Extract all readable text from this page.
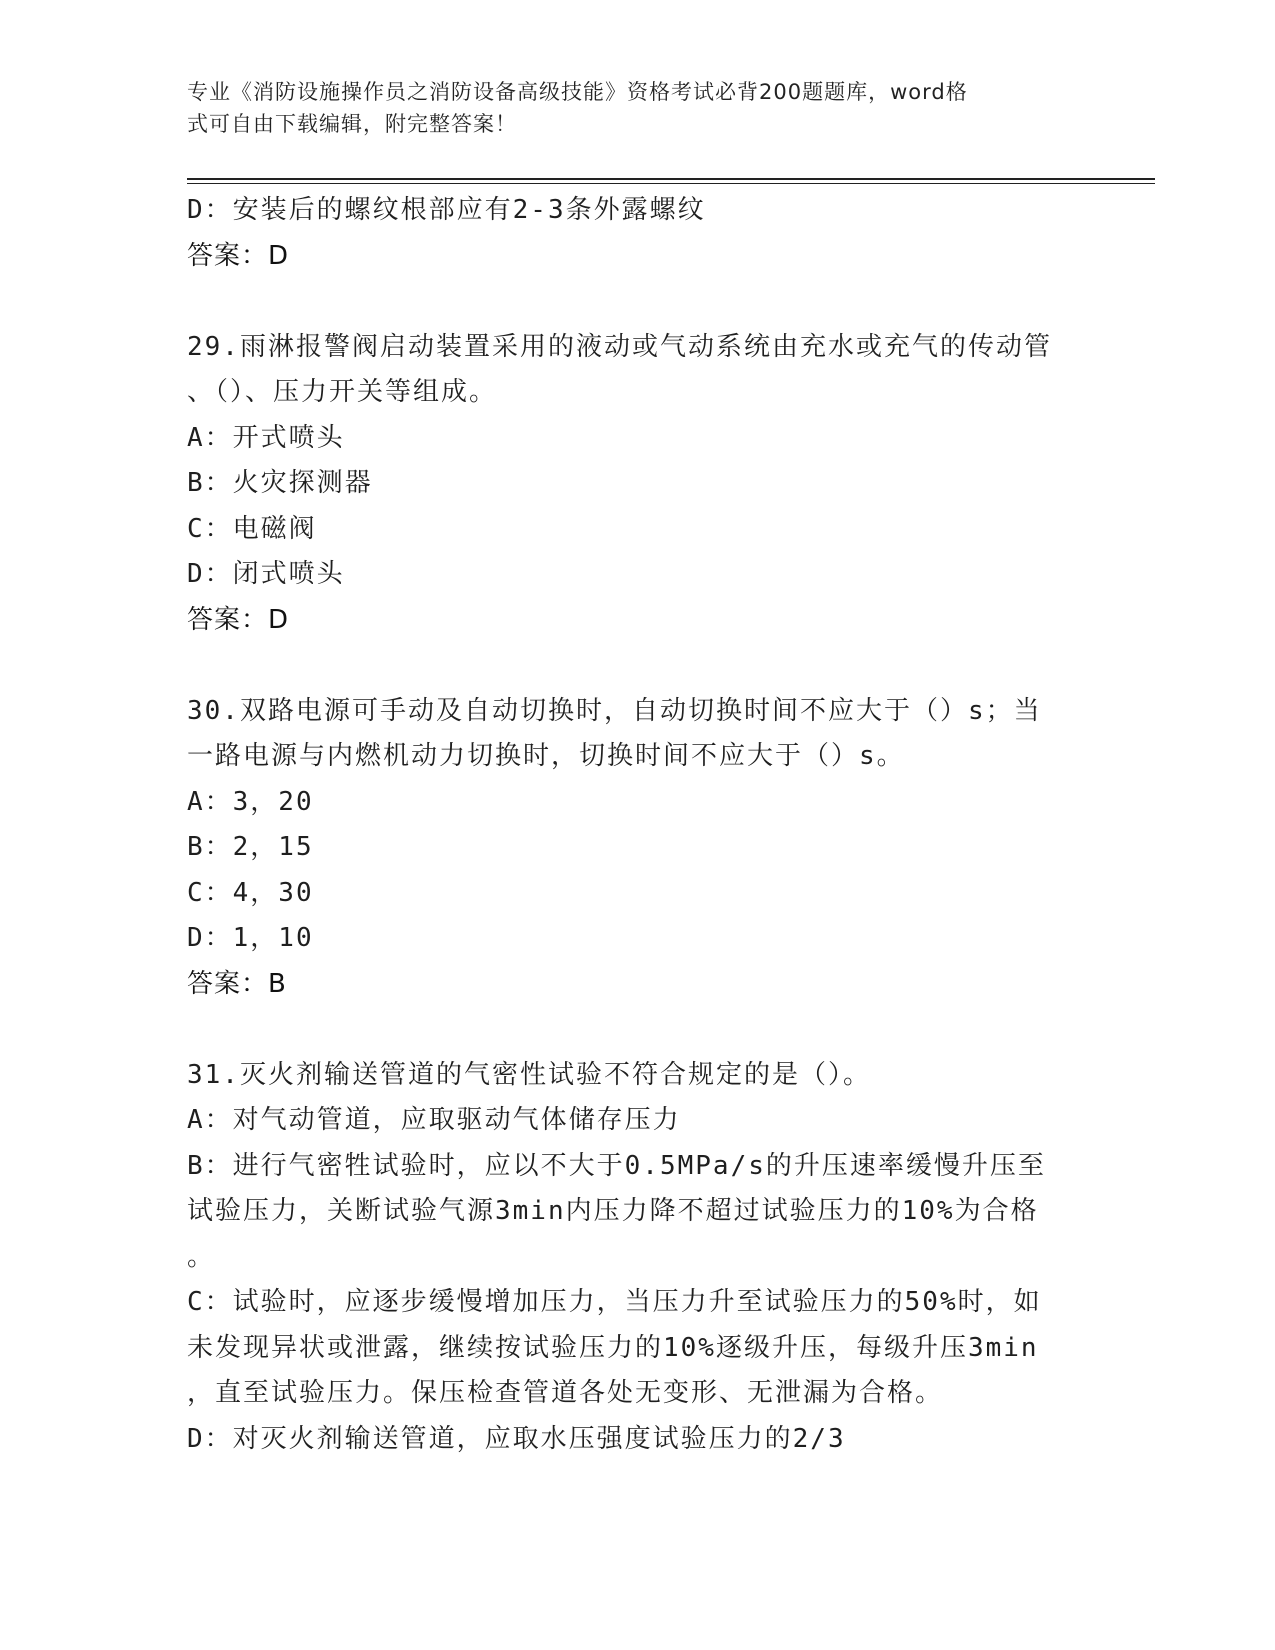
专业《消防设施操作员之消防设备高级技能》资格考试必背200题题库，word格
式可自由下载编辑，附完整答案！
D：安装后的螺纹根部应有2-3条外露螺纹
答案：D
29.雨淋报警阀启动装置采用的液动或气动系统由充水或充气的传动管
、（）、压力开关等组成。
A：开式喷头
B：火灾探测器
C：电磁阀
D：闭式喷头
答案：D
30.双路电源可手动及自动切换时，自动切换时间不应大于（）s；当
一路电源与内燃机动力切换时，切换时间不应大于（）s。
A：3，20
B：2，15
C：4，30
D：1，10
答案：B
31.灭火剂输送管道的气密性试验不符合规定的是（）。
A：对气动管道，应取驱动气体储存压力
B：进行气密牲试验时，应以不大于0.5MPa/s的升压速率缓慢升压至
试验压力，关断试验气源3min内压力降不超过试验压力的10%为合格
。
C：试验时，应逐步缓慢增加压力，当压力升至试验压力的50%时，如
未发现异状或泄露，继续按试验压力的10%逐级升压，每级升压3min
，直至试验压力。保压检查管道各处无变形、无泄漏为合格。
D：对灭火剂输送管道，应取水压强度试验压力的2/3
